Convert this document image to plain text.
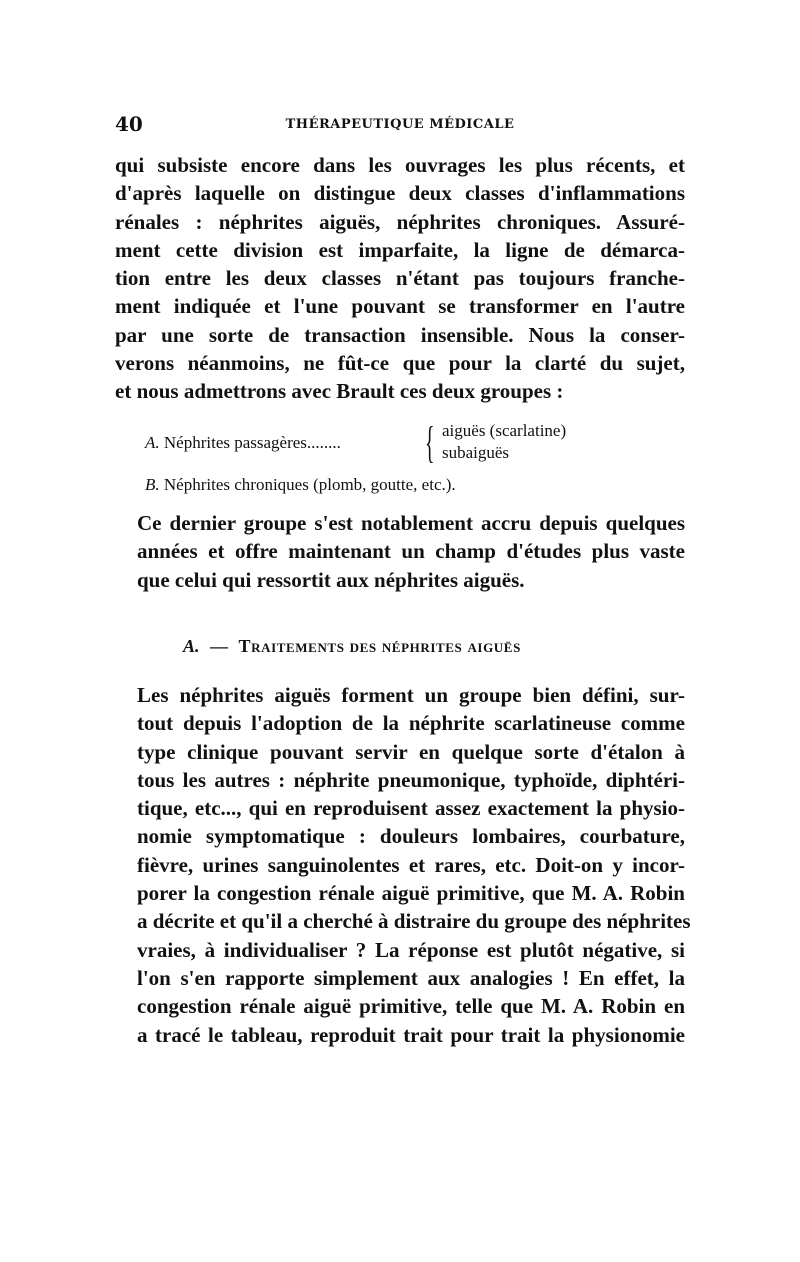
40	THÉRAPEUTIQUE MÉDICALE
qui subsiste encore dans les ouvrages les plus récents, et
d'après laquelle on distingue deux classes d'inflammations
rénales : néphrites aiguës, néphrites chroniques. Assuré-
ment cette division est imparfaite, la ligne de démarca-
tion entre les deux classes n'étant pas toujours franche-
ment indiquée et l'une pouvant se transformer en l'autre
par une sorte de transaction insensible. Nous la conser-
verons néanmoins, ne fût-ce que pour la clarté du sujet,
et nous admettrons avec Brault ces deux groupes :
A. Néphrites passagères........ { aiguës (scarlatine)
subaiguës
B. Néphrites chroniques (plomb, goutte, etc.).
Ce dernier groupe s'est notablement accru depuis quelques
années et offre maintenant un champ d'études plus vaste
que celui qui ressortit aux néphrites aiguës.
A. — Traitements des néphrites aiguës
Les néphrites aiguës forment un groupe bien défini, sur-
tout depuis l'adoption de la néphrite scarlatineuse comme
type clinique pouvant servir en quelque sorte d'étalon à
tous les autres : néphrite pneumonique, typhoïde, diphtéri-
tique, etc..., qui en reproduisent assez exactement la physio-
nomie symptomatique : douleurs lombaires, courbature,
fièvre, urines sanguinolentes et rares, etc. Doit-on y incor-
porer la congestion rénale aiguë primitive, que M. A. Robin
a décrite et qu'il a cherché à distraire du groupe des néphrites
vraies, à individualiser ? La réponse est plutôt négative, si
l'on s'en rapporte simplement aux analogies ! En effet, la
congestion rénale aiguë primitive, telle que M. A. Robin en
a tracé le tableau, reproduit trait pour trait la physionomie
